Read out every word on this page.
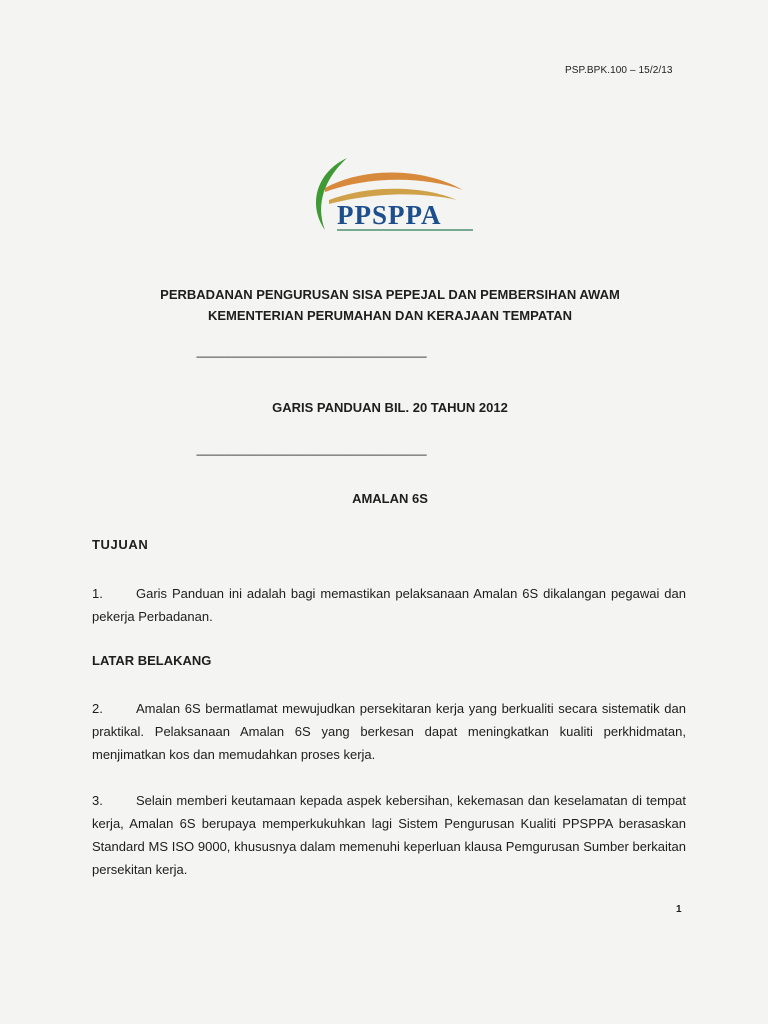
PSP.BPK.100 – 15/2/13
PPSPPA
PERBADANAN PENGURUSAN SISA PEPEJAL DAN PEMBERSIHAN AWAM
KEMENTERIAN PERUMAHAN DAN KERAJAAN TEMPATAN
------------------------------------------------------------------------------------------------------------
GARIS PANDUAN BIL. 20 TAHUN 2012
------------------------------------------------------------------------------------------------------------
AMALAN 6S
TUJUAN
1.	Garis Panduan ini adalah bagi memastikan pelaksanaan Amalan 6S dikalangan pegawai dan pekerja Perbadanan.
LATAR BELAKANG
2.	Amalan 6S bermatlamat mewujudkan persekitaran kerja yang berkualiti secara sistematik dan praktikal. Pelaksanaan Amalan 6S yang berkesan dapat meningkatkan kualiti perkhidmatan, menjimatkan kos dan memudahkan proses kerja.
3.	Selain memberi keutamaan kepada aspek kebersihan, kekemasan dan keselamatan di tempat kerja, Amalan 6S berupaya memperkukuhkan lagi Sistem Pengurusan Kualiti PPSPPA berasaskan Standard MS ISO 9000, khususnya dalam memenuhi keperluan klausa Pemgurusan Sumber berkaitan persekitan kerja.
1
